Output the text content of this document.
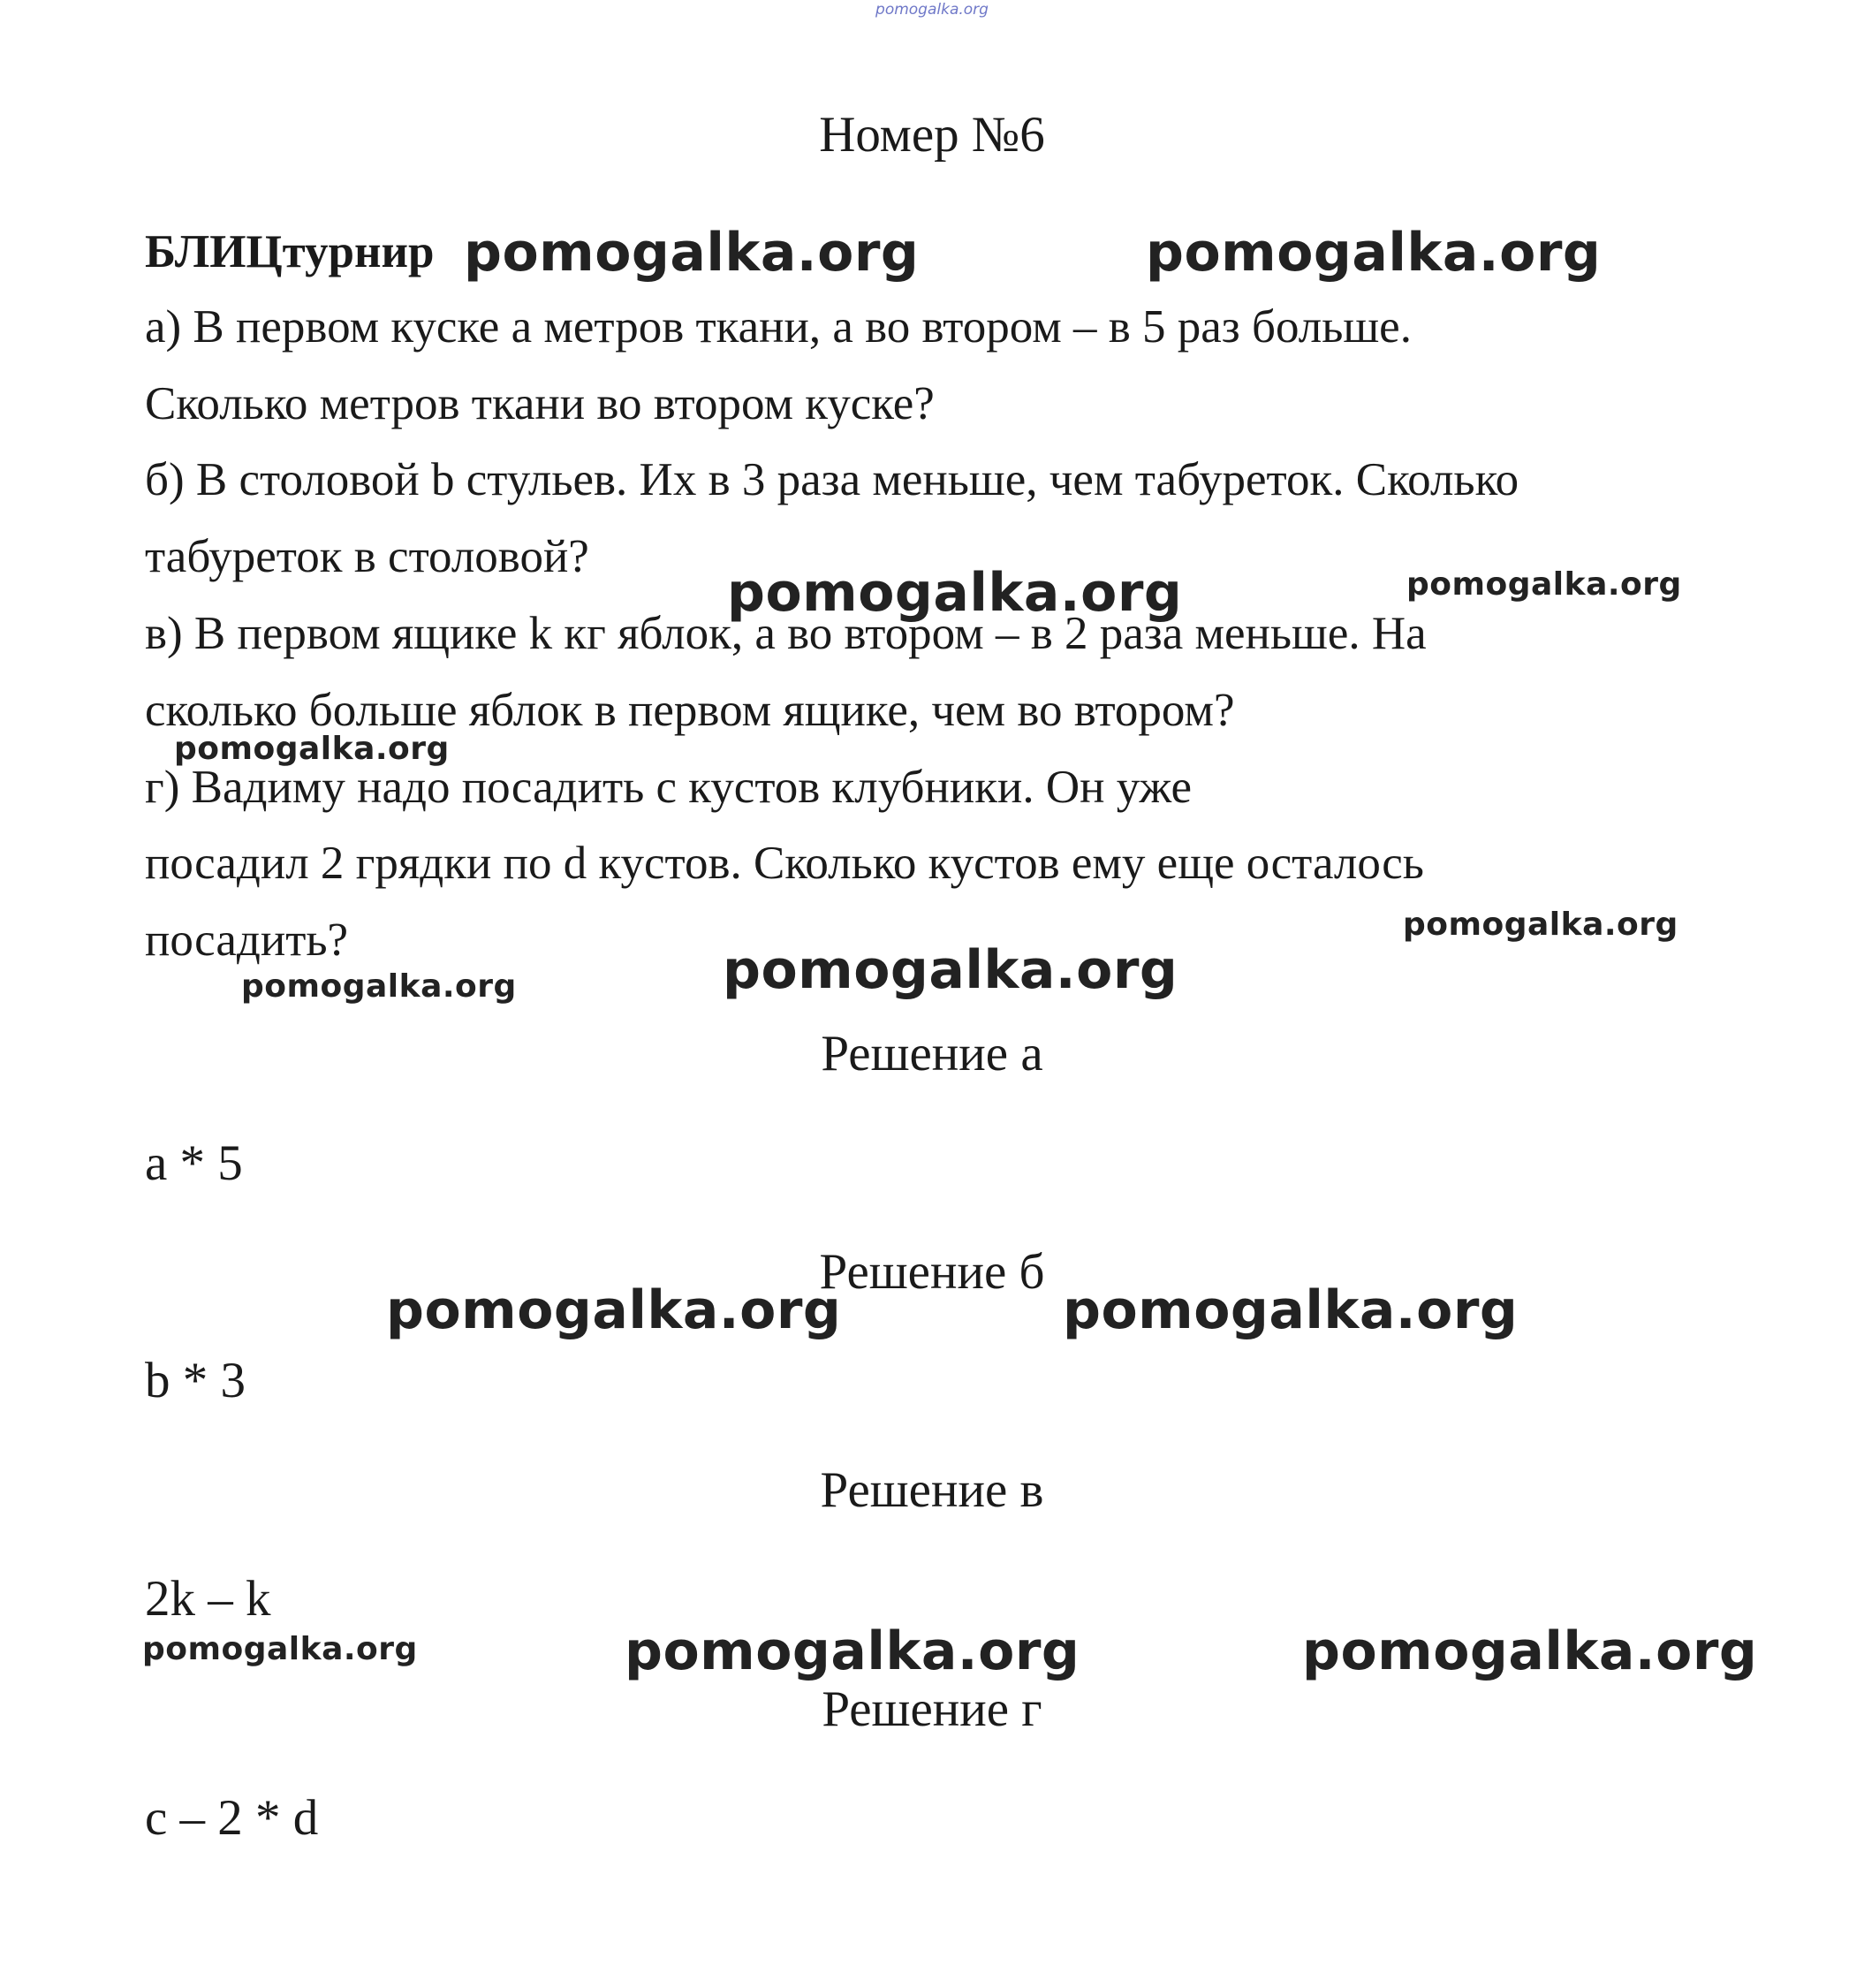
pomogalka.org
Номер №6
БЛИЦтурнир
а) В первом куске а метров ткани, а во втором – в 5 раз больше.
Сколько метров ткани во втором куске?
б) В столовой b стульев. Их в 3 раза меньше, чем табуреток. Сколько
табуреток в столовой?
в) В первом ящике k кг яблок, а во втором – в 2 раза меньше. На
сколько больше яблок в первом ящике, чем во втором?
г) Вадиму надо посадить с кустов клубники. Он уже
посадил 2 грядки по d кустов. Сколько кустов ему еще осталось
посадить?
Решение а
a * 5
Решение б
b * 3
Решение в
2k – k
Решение г
c – 2 * d
pomogalka.org	pomogalka.org
pomogalka.org	pomogalka.org
pomogalka.org
pomogalka.org
pomogalka.org
pomogalka.org
pomogalka.org	pomogalka.org
pomogalka.org	pomogalka.org	pomogalka.org
